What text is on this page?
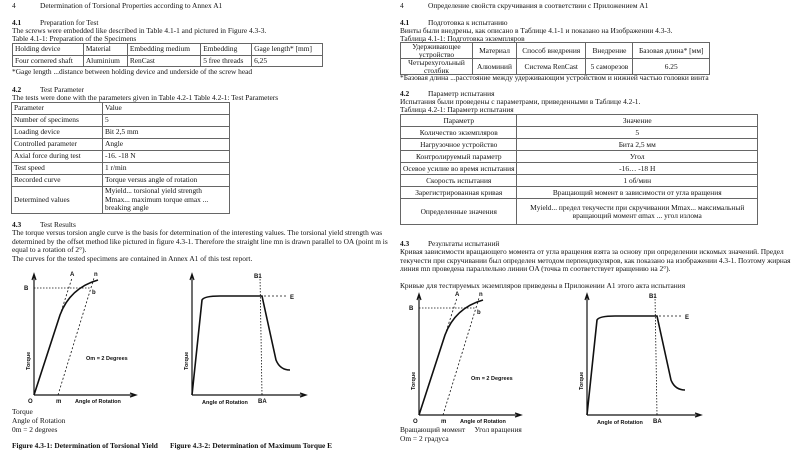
4	Determination of Torsional Properties according to Annex A1
4.1	Preparation for Test
The screws were embedded like described in Table 4.1-1 and pictured in Figure 4.3-3.
Table 4.1-1: Preparation of the Specimens
Holding device	Material	Embedding medium	Embedding	Gage length* [mm]
Four cornered shaft	Aluminium	RenCast	5 free threads	6,25
*Gage length ...distance between holding device and underside of the screw head
4.2	Test Parameter
The tests were done with the parameters given in Table 4.2-1 Table 4.2-1: Test Parameters
Parameter	Value
Number of specimens	5
Loading device	Bit 2,5 mm
Controlled parameter	Angle
Axial force during test	-16. -18 N
Test speed	1 r/min
Recorded curve	Torque versus angle of rotation
Determined values	Myield... torsional yield strength Mmax... maximum torque αmax ... breaking angle
4.3	Test Results
The torque versus torsion angle curve is the basis for determination of the interesting values. The torsional yield strength was determined by the offset method like pictured in figure 4.3-1. Therefore the straight line mn is drawn parallel to OA (point m is equal to a rotation of 2°).
The curves for the tested specimens are contained in Annex A1 of this test report.
A	n
B
b
O	m Angle of Rotation
Torque	Om = 2 Degrees
B1
E
BA
Angle of Rotation
Torque
Torque
Angle of Rotation
0m = 2 degrees
Figure 4.3-1: Determination of Torsional Yield Figure 4.3-2: Determination of Maximum Torque E
4	Определение свойств скручивания в соответствии с Приложением A1
4.1	Подготовка к испытанию
Винты были внедрены, как описано в Таблице 4.1-1 и показано на Изображении 4.3-3.
Таблица 4.1-1: Подготовка экземпляров
Удерживающее устройство	Материал	Способ внедрения	Внедрение	Базовая длина* [мм]
Четырехугольный столбик	Алюминий	Система RenCast	5 саморезов	6.25
*Базовая длина ...расстояние между удерживающим устройством и нижней частью головки винта
4.2	Параметр испытания
Испытания были проведены с параметрами, приведенными в Таблице 4.2-1.
Таблица 4.2-1: Параметр испытания
Параметр	Значение
Количество экземпляров	5
Нагрузочное устройство	Бита 2,5 мм
Контролируемый параметр	Угол
Осевое усилие во время испытания	-16… -18 Н
Скорость испытания	1 об/мин
Зарегистрированная кривая	Вращающий момент в зависимости от угла вращения
Определенные значения	Myield... предел текучести при скручивании Mmax... максимальный вращающий момент αmax ... угол излома
4.3	Результаты испытаний
Кривая зависимости вращающего момента от угла вращения взята за основу при определении искомых значений. Предел текучести при скручивании был определен методом перпендикуляров, как показано на изображении 4.3-1. Поэтому жирная линия mn проведена параллельно линии OA (точка m соответствует вращению на 2°).
Кривые для тестируемых экземпляров приведены в Приложении A1 этого акта испытания
A	n
B
b
O	m Angle of Rotation
Torque	Om = 2 Degrees
B1
E
BA
Angle of Rotation
Torque
Вращающий момент Угол вращения
Om = 2 градуса
